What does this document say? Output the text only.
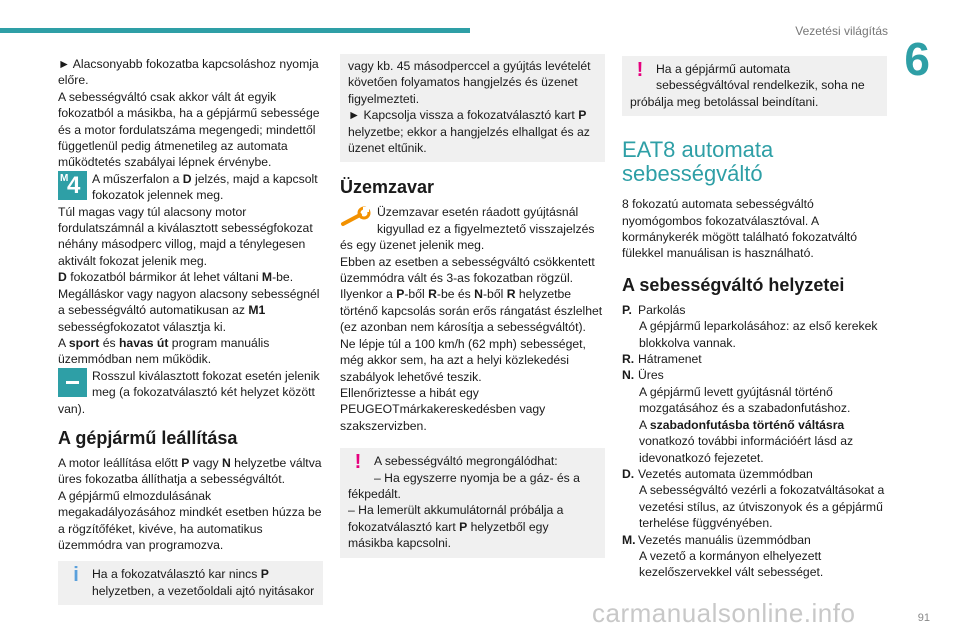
Vezetési világítás
6

► Alacsonyabb fokozatba kapcsoláshoz nyomja előre.

A sebességváltó csak akkor vált át egyik fokozatból a másikba, ha a gépjármű sebessége és a motor fordulatszáma megengedi; mindettől függetlenül pedig átmenetileg az automata működtetés szabályai lépnek érvénybe.

M
4 A műszerfalon a D jelzés, majd a kapcsolt fokozatok jelennek meg.

Túl magas vagy túl alacsony motor fordulatszámnál a kiválasztott sebességfokozat néhány másodperc villog, majd a ténylegesen aktivált fokozat jelenik meg.

D fokozatból bármikor át lehet váltani M-be.

Megálláskor vagy nagyon alacsony sebességnél a sebességváltó automatikusan az M1 sebességfokozatot választja ki.

A sport és havas út program manuális üzemmódban nem működik.

Rosszul kiválasztott fokozat esetén jelenik meg (a fokozatválasztó két helyzet között van).

A gépjármű leállítása

A motor leállítása előtt P vagy N helyzetbe váltva üres fokozatba állíthatja a sebességváltót.

A gépjármű elmozdulásának megakadályozásához mindkét esetben húzza be a rögzítőféket, kivéve, ha automatikus üzemmódra van programozva.

i	Ha a fokozatválasztó kar nincs P helyzetben, a vezetőoldali ajtó nyitásakor

vagy kb. 45 másodperccel a gyújtás levételét követően folyamatos hangjelzés és üzenet figyelmezteti.

► Kapcsolja vissza a fokozatválasztó kart P helyzetbe; ekkor a hangjelzés elhallgat és az üzenet eltűnik.

Üzemzavar

Üzemzavar esetén ráadott gyújtásnál kigyullad ez a figyelmeztető visszajelzés és egy üzenet jelenik meg.

Ebben az esetben a sebességváltó csökkentett üzemmódra vált és 3-as fokozatban rögzül.

Ilyenkor a P-ből R-be és N-ből R helyzetbe történő kapcsolás során erős rángatást észlelhet (ez azonban nem károsítja a sebességváltót).

Ne lépje túl a 100 km/h (62 mph) sebességet, még akkor sem, ha azt a helyi közlekedési szabályok lehetővé teszik.

Ellenőriztesse a hibát egy PEUGEOTmárkakereskedésben vagy szakszervizben.

!	A sebességváltó megrongálódhat:

– Ha egyszerre nyomja be a gáz- és a fékpedált.

– Ha lemerült akkumulátornál próbálja a fokozatválasztó kart P helyzetből egy másikba kapcsolni.

!	Ha a gépjármű automata sebességváltóval rendelkezik, soha ne próbálja meg betolással beindítani.

EAT8 automata sebességváltó

8 fokozatú automata sebességváltó nyomógombos fokozatválasztóval. A kormánykerék mögött található fokozatváltó fülekkel manuálisan is használható.

A sebességváltó helyzetei
P. Parkolás
A gépjármű leparkolásához: az első kerekek blokkolva vannak.
R. Hátramenet
N. Üres
A gépjármű levett gyújtásnál történő mozgatásához és a szabadonfutáshoz.
A szabadonfutásba történő váltásra vonatkozó további információért lásd az idevonatkozó fejezetet.
D. Vezetés automata üzemmódban
A sebességváltó vezérli a fokozatváltásokat a vezetési stílus, az útviszonyok és a gépjármű terhelése függvényében.
M. Vezetés manuális üzemmódban
A vezető a kormányon elhelyezett kezelőszervekkel vált sebességet.
carmanualsonline.info	91
